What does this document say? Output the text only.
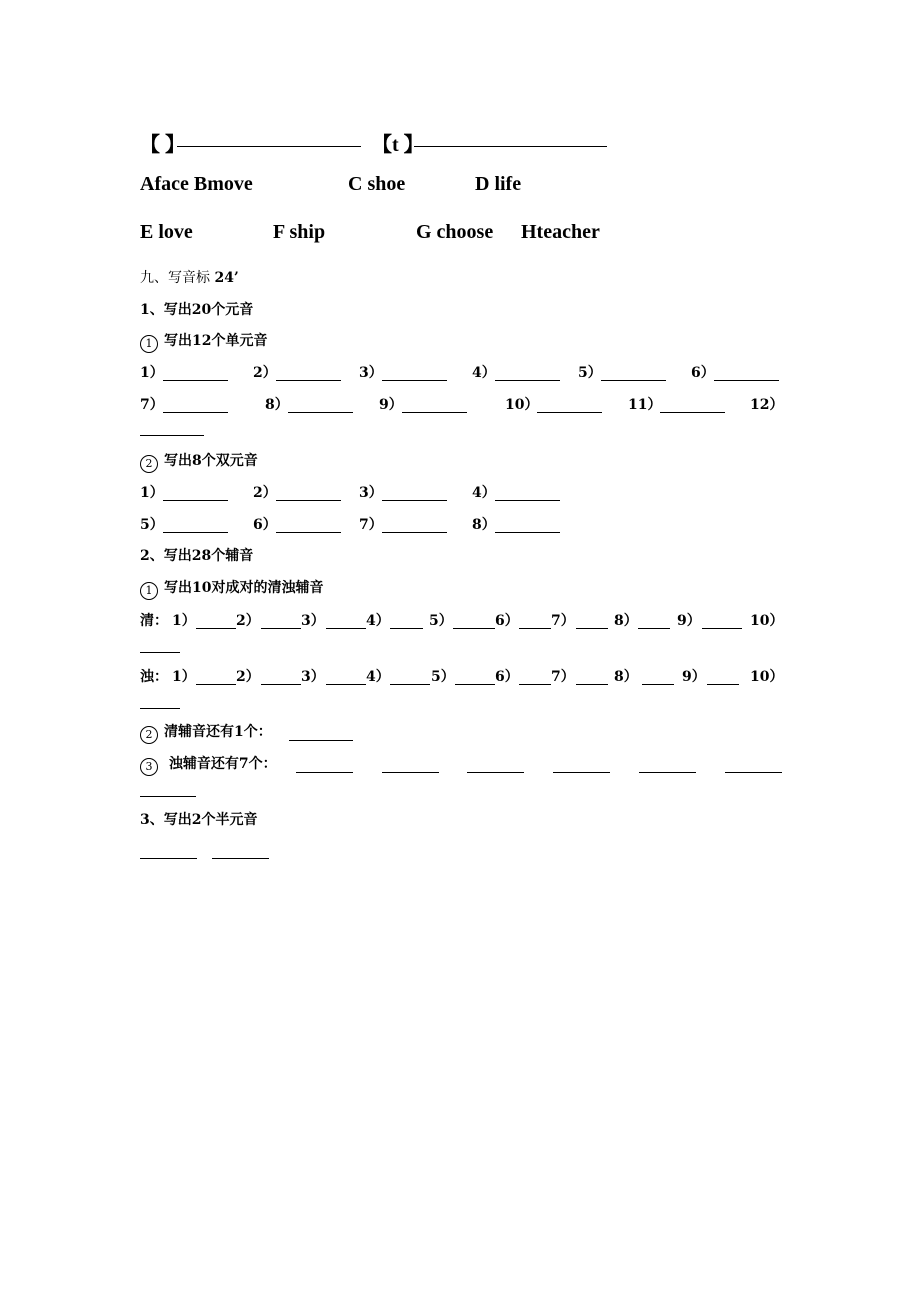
【 】	【t 】
Aface Bmove	C shoe	D life
E love	F ship	G choose Hteacher
九、写音标 24’
1、写出20个元音
1 写出12个单元音
1）	2）	3）	4）	5）	6）
7）	8）	9）	10）	11）	12）
2 写出8个双元音
1）	2）	3）	4）
5）	6）	7）	8）
2、写出28个辅音
1 写出10对成对的清浊辅音
清： 1）	2）	3）	4）	5）	6） 7）	8）	9）	10）
浊： 1）	2）	3）	4）	5）	6） 7）	8）	9）	10）
2 清辅音还有1个：
3 浊辅音还有7个：
3、写出2个半元音
